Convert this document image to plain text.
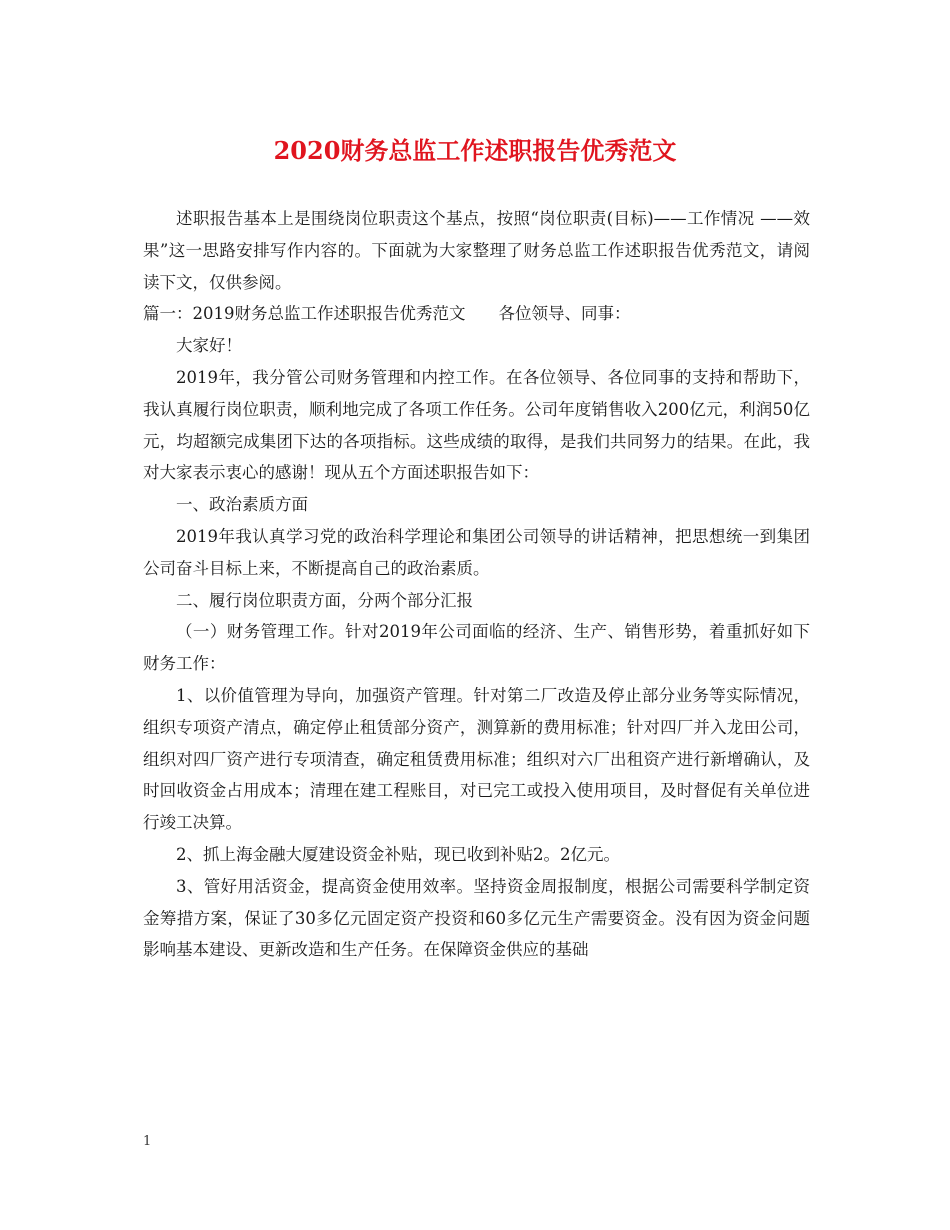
2020财务总监工作述职报告优秀范文

述职报告基本上是围绕岗位职责这个基点，按照“岗位职责(目标)——工作情况 ——效果”这一思路安排写作内容的。下面就为大家整理了财务总监工作述职报告优秀范文，请阅读下文，仅供参阅。

篇一：2019财务总监工作述职报告优秀范文　　各位领导、同事：

大家好！

2019年，我分管公司财务管理和内控工作。在各位领导、各位同事的支持和帮助下，我认真履行岗位职责，顺利地完成了各项工作任务。公司年度销售收入200亿元，利润50亿元，均超额完成集团下达的各项指标。这些成绩的取得，是我们共同努力的结果。在此，我对大家表示衷心的感谢！现从五个方面述职报告如下：

一、政治素质方面

2019年我认真学习党的政治科学理论和集团公司领导的讲话精神，把思想统一到集团公司奋斗目标上来，不断提高自己的政治素质。

二、履行岗位职责方面，分两个部分汇报

（一）财务管理工作。针对2019年公司面临的经济、生产、销售形势，着重抓好如下财务工作：

1、以价值管理为导向，加强资产管理。针对第二厂改造及停止部分业务等实际情况，组织专项资产清点，确定停止租赁部分资产，测算新的费用标准；针对四厂并入龙田公司，组织对四厂资产进行专项清查，确定租赁费用标准；组织对六厂出租资产进行新增确认，及时回收资金占用成本；清理在建工程账目，对已完工或投入使用项目，及时督促有关单位进行竣工决算。

2、抓上海金融大厦建设资金补贴，现已收到补贴2。2亿元。

3、管好用活资金，提高资金使用效率。坚持资金周报制度，根据公司需要科学制定资金筹措方案，保证了30多亿元固定资产投资和60多亿元生产需要资金。没有因为资金问题影响基本建设、更新改造和生产任务。在保障资金供应的基础

1
